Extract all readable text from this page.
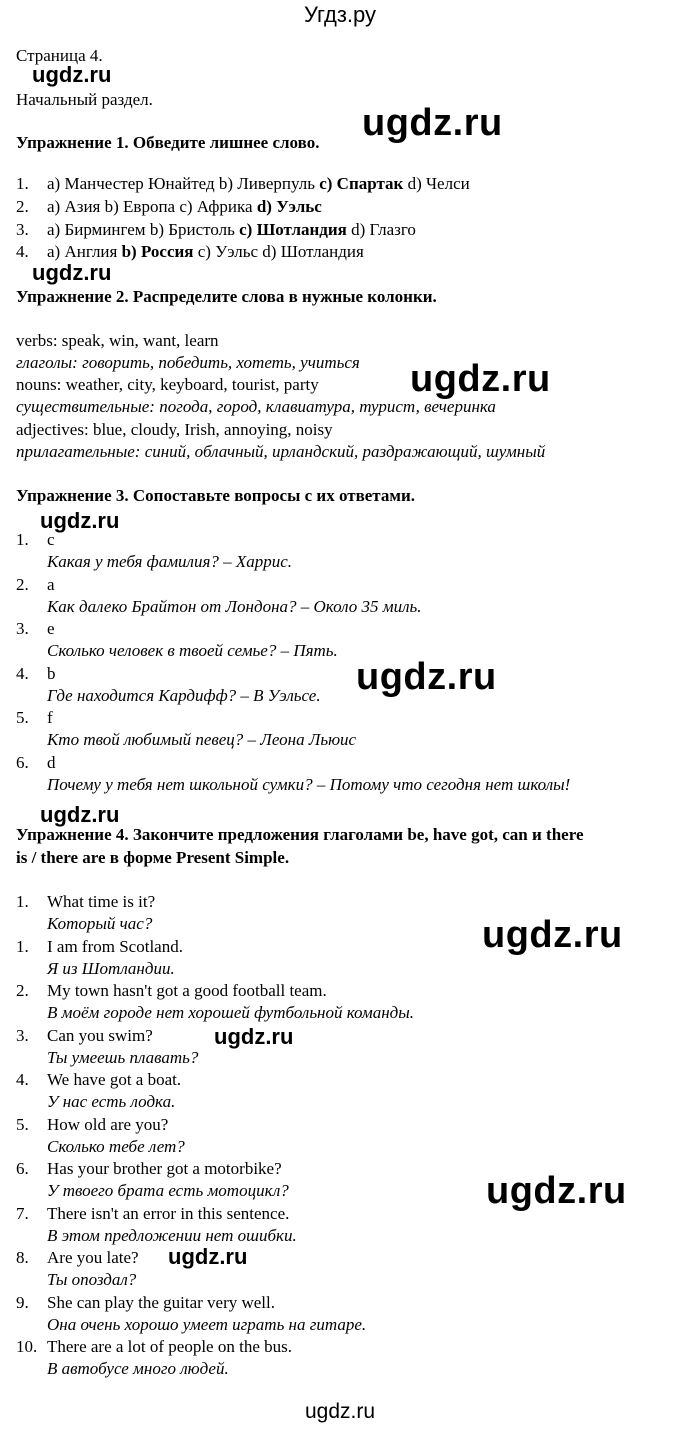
Угдз.ру
Страница 4.
ugdz.ru
Начальный раздел.
ugdz.ru
Упражнение 1. Обведите лишнее слово.
1. a) Манчестер Юнайтед b) Ливерпуль c) Спартак d) Челси
2. a) Азия b) Европа c) Африка d) Уэльс
3. a) Бирмингем b) Бристоль c) Шотландия d) Глазго
4. a) Англия b) Россия c) Уэльс d) Шотландия
ugdz.ru
Упражнение 2. Распределите слова в нужные колонки.
verbs: speak, win, want, learn
глаголы: говорить, победить, хотеть, учиться
nouns: weather, city, keyboard, tourist, party
существительные: погода, город, клавиатура, турист, вечеринка
adjectives: blue, cloudy, Irish, annoying, noisy
прилагательные: синий, облачный, ирландский, раздражающий, шумный
ugdz.ru
Упражнение 3. Сопоставьте вопросы с их ответами.
ugdz.ru
1. c
Какая у тебя фамилия? – Харрис.
2. a
Как далеко Брайтон от Лондона? – Около 35 миль.
3. e
Сколько человек в твоей семье? – Пять.
4. b
Где находится Кардифф? – В Уэльсе.
5. f
Кто твой любимый певец? – Леона Льюис
6. d
Почему у тебя нет школьной сумки? – Потому что сегодня нет школы!
ugdz.ru
ugdz.ru
Упражнение 4. Закончите предложения глаголами be, have got, can и there
is / there are в форме Present Simple.
1. What time is it?
Который час?
1. I am from Scotland.
Я из Шотландии.
2. My town hasn't got a good football team.
В моём городе нет хорошей футбольной команды.
3. Can you swim?
Ты умеешь плавать?
4. We have got a boat.
У нас есть лодка.
5. How old are you?
Сколько тебе лет?
6. Has your brother got a motorbike?
У твоего брата есть мотоцикл?
7. There isn't an error in this sentence.
В этом предложении нет ошибки.
8. Are you late?
Ты опоздал?
9. She can play the guitar very well.
Она очень хорошо умеет играть на гитаре.
10. There are a lot of people on the bus.
В автобусе много людей.
ugdz.ru
ugdz.ru
ugdz.ru
ugdz.ru
ugdz.ru
